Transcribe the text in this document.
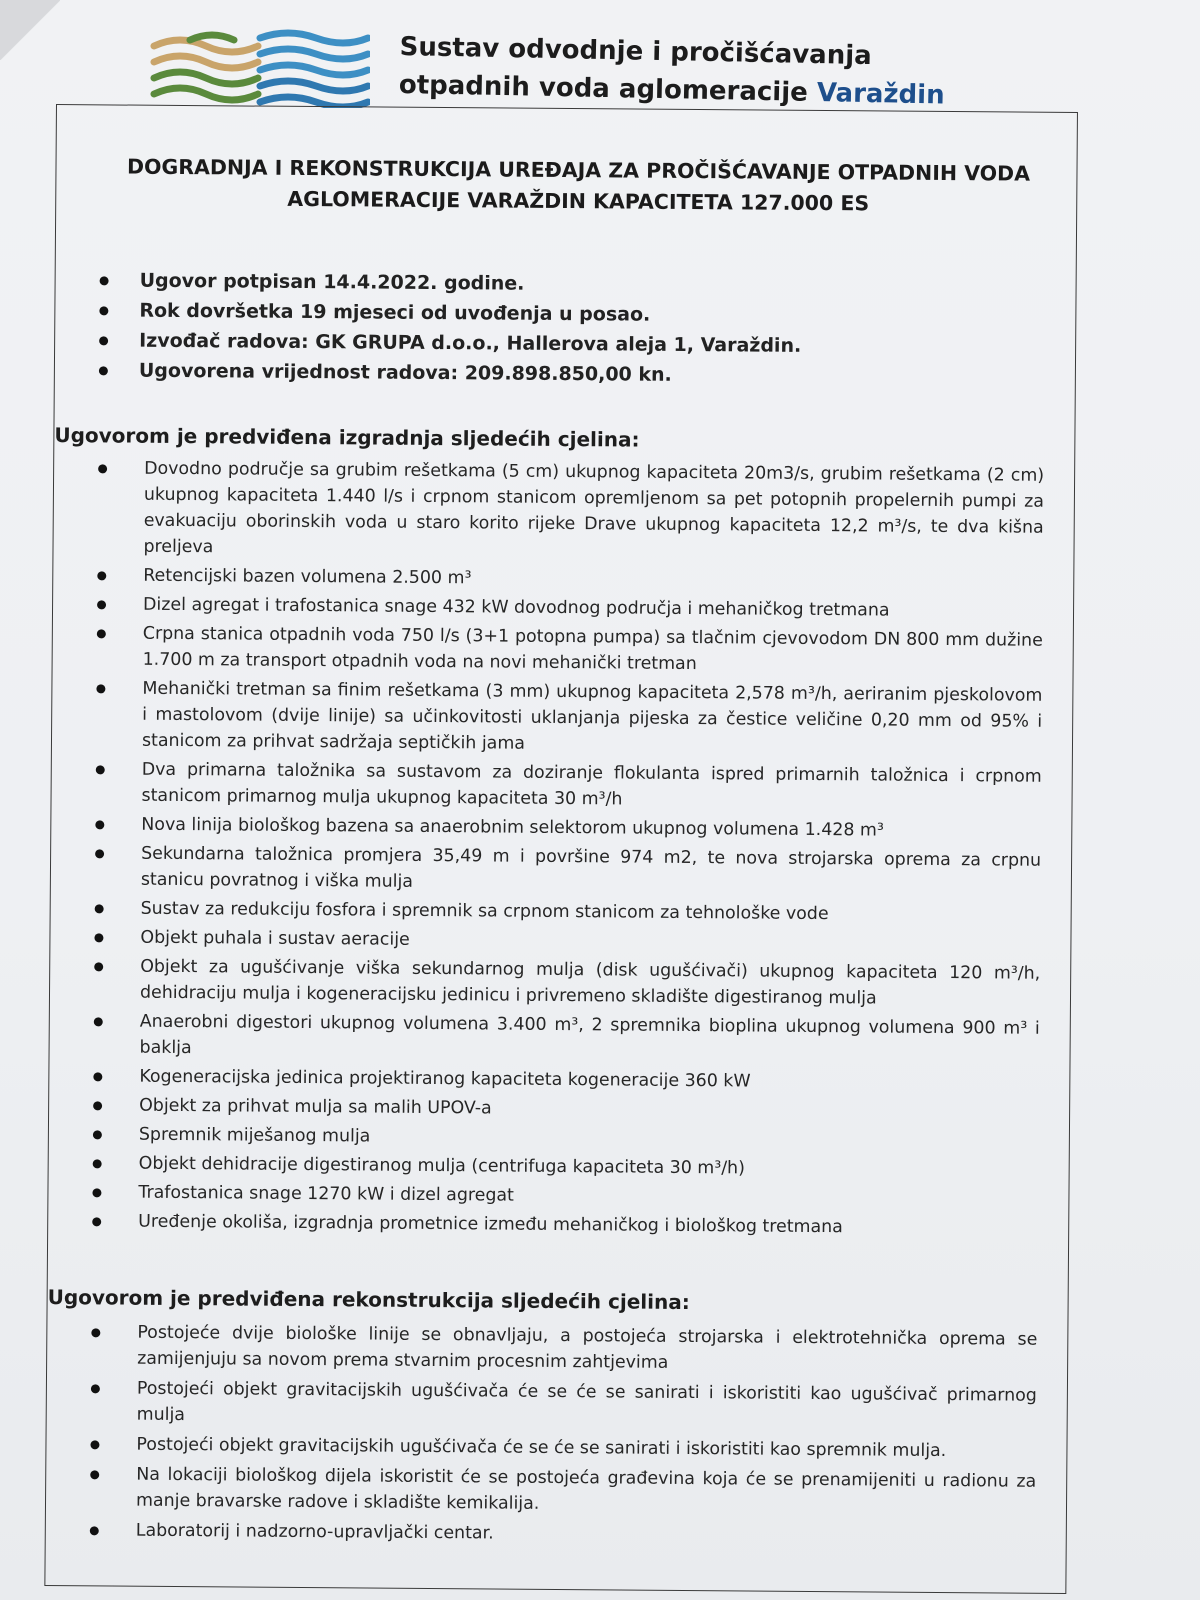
Sustav odvodnje i pročišćavanja
otpadnih voda aglomeracije Varaždin
DOGRADNJA I REKONSTRUKCIJA UREĐAJA ZA PROČIŠĆAVANJE OTPADNIH VODA
AGLOMERACIJE VARAŽDIN KAPACITETA 127.000 ES
Ugovor potpisan 14.4.2022. godine.
Rok dovršetka 19 mjeseci od uvođenja u posao.
Izvođač radova: GK GRUPA d.o.o., Hallerova aleja 1, Varaždin.
Ugovorena vrijednost radova: 209.898.850,00 kn.
Ugovorom je predviđena izgradnja sljedećih cjelina:
Dovodno područje sa grubim rešetkama (5 cm) ukupnog kapaciteta 20m3/s, grubim rešetkama (2 cm) ukupnog kapaciteta 1.440 l/s i crpnom stanicom opremljenom sa pet potopnih propelernih pumpi za evakuaciju oborinskih voda u staro korito rijeke Drave ukupnog kapaciteta 12,2 m³/s, te dva kišna preljeva
Retencijski bazen volumena 2.500 m³
Dizel agregat i trafostanica snage 432 kW dovodnog područja i mehaničkog tretmana
Crpna stanica otpadnih voda 750 l/s (3+1 potopna pumpa) sa tlačnim cjevovodom DN 800 mm dužine 1.700 m za transport otpadnih voda na novi mehanički tretman
Mehanički tretman sa finim rešetkama (3 mm) ukupnog kapaciteta 2,578 m³/h, aeriranim pjeskolovom i mastolovom (dvije linije) sa učinkovitosti uklanjanja pijeska za čestice veličine 0,20 mm od 95% i stanicom za prihvat sadržaja septičkih jama
Dva primarna taložnika sa sustavom za doziranje flokulanta ispred primarnih taložnica i crpnom stanicom primarnog mulja ukupnog kapaciteta 30 m³/h
Nova linija biološkog bazena sa anaerobnim selektorom ukupnog volumena 1.428 m³
Sekundarna taložnica promjera 35,49 m i površine 974 m2, te nova strojarska oprema za crpnu stanicu povratnog i viška mulja
Sustav za redukciju fosfora i spremnik sa crpnom stanicom za tehnološke vode
Objekt puhala i sustav aeracije
Objekt za ugušćivanje viška sekundarnog mulja (disk ugušćivači) ukupnog kapaciteta 120 m³/h, dehidraciju mulja i kogeneracijsku jedinicu i privremeno skladište digestiranog mulja
Anaerobni digestori ukupnog volumena 3.400 m³, 2 spremnika bioplina ukupnog volumena 900 m³ i baklja
Kogeneracijska jedinica projektiranog kapaciteta kogeneracije 360 kW
Objekt za prihvat mulja sa malih UPOV-a
Spremnik miješanog mulja
Objekt dehidracije digestiranog mulja (centrifuga kapaciteta 30 m³/h)
Trafostanica snage 1270 kW i dizel agregat
Uređenje okoliša, izgradnja prometnice između mehaničkog i biološkog tretmana
Ugovorom je predviđena rekonstrukcija sljedećih cjelina:
Postojeće dvije biološke linije se obnavljaju, a postojeća strojarska i elektrotehnička oprema se zamijenjuju sa novom prema stvarnim procesnim zahtjevima
Postojeći objekt gravitacijskih ugušćivača će se će se sanirati i iskoristiti kao ugušćivač primarnog mulja
Postojeći objekt gravitacijskih ugušćivača će se će se sanirati i iskoristiti kao spremnik mulja.
Na lokaciji biološkog dijela iskoristit će se postojeća građevina koja će se prenamijeniti u radionu za manje bravarske radove i skladište kemikalija.
Laboratorij i nadzorno-upravljački centar.
